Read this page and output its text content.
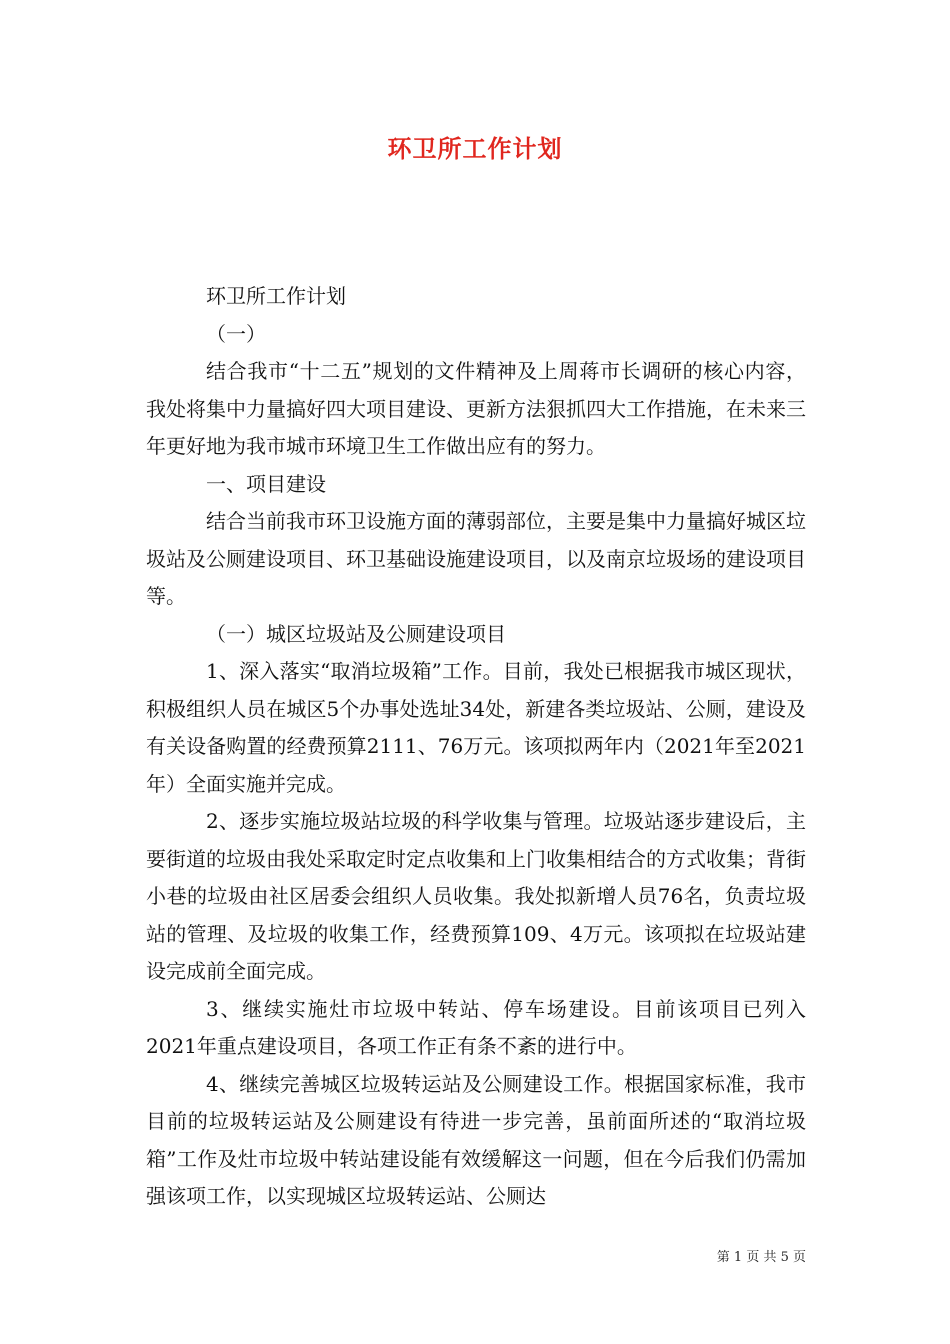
环卫所工作计划

环卫所工作计划

（一）

结合我市“十二五”规划的文件精神及上周蒋市长调研的核心内容，我处将集中力量搞好四大项目建设、更新方法狠抓四大工作措施，在未来三年更好地为我市城市环境卫生工作做出应有的努力。

一、项目建设

结合当前我市环卫设施方面的薄弱部位，主要是集中力量搞好城区垃圾站及公厕建设项目、环卫基础设施建设项目，以及南京垃圾场的建设项目等。

（一）城区垃圾站及公厕建设项目

1、深入落实“取消垃圾箱”工作。目前，我处已根据我市城区现状，积极组织人员在城区5个办事处选址34处，新建各类垃圾站、公厕，建设及有关设备购置的经费预算2111、76万元。该项拟两年内（2021年至2021年）全面实施并完成。

2、逐步实施垃圾站垃圾的科学收集与管理。垃圾站逐步建设后，主要街道的垃圾由我处采取定时定点收集和上门收集相结合的方式收集；背街小巷的垃圾由社区居委会组织人员收集。我处拟新增人员76名，负责垃圾站的管理、及垃圾的收集工作，经费预算109、4万元。该项拟在垃圾站建设完成前全面完成。

3、继续实施灶市垃圾中转站、停车场建设。目前该项目已列入2021年重点建设项目，各项工作正有条不紊的进行中。

4、继续完善城区垃圾转运站及公厕建设工作。根据国家标准，我市目前的垃圾转运站及公厕建设有待进一步完善，虽前面所述的“取消垃圾箱”工作及灶市垃圾中转站建设能有效缓解这一问题，但在今后我们仍需加强该项工作，以实现城区垃圾转运站、公厕达

第 1 页 共 5 页
